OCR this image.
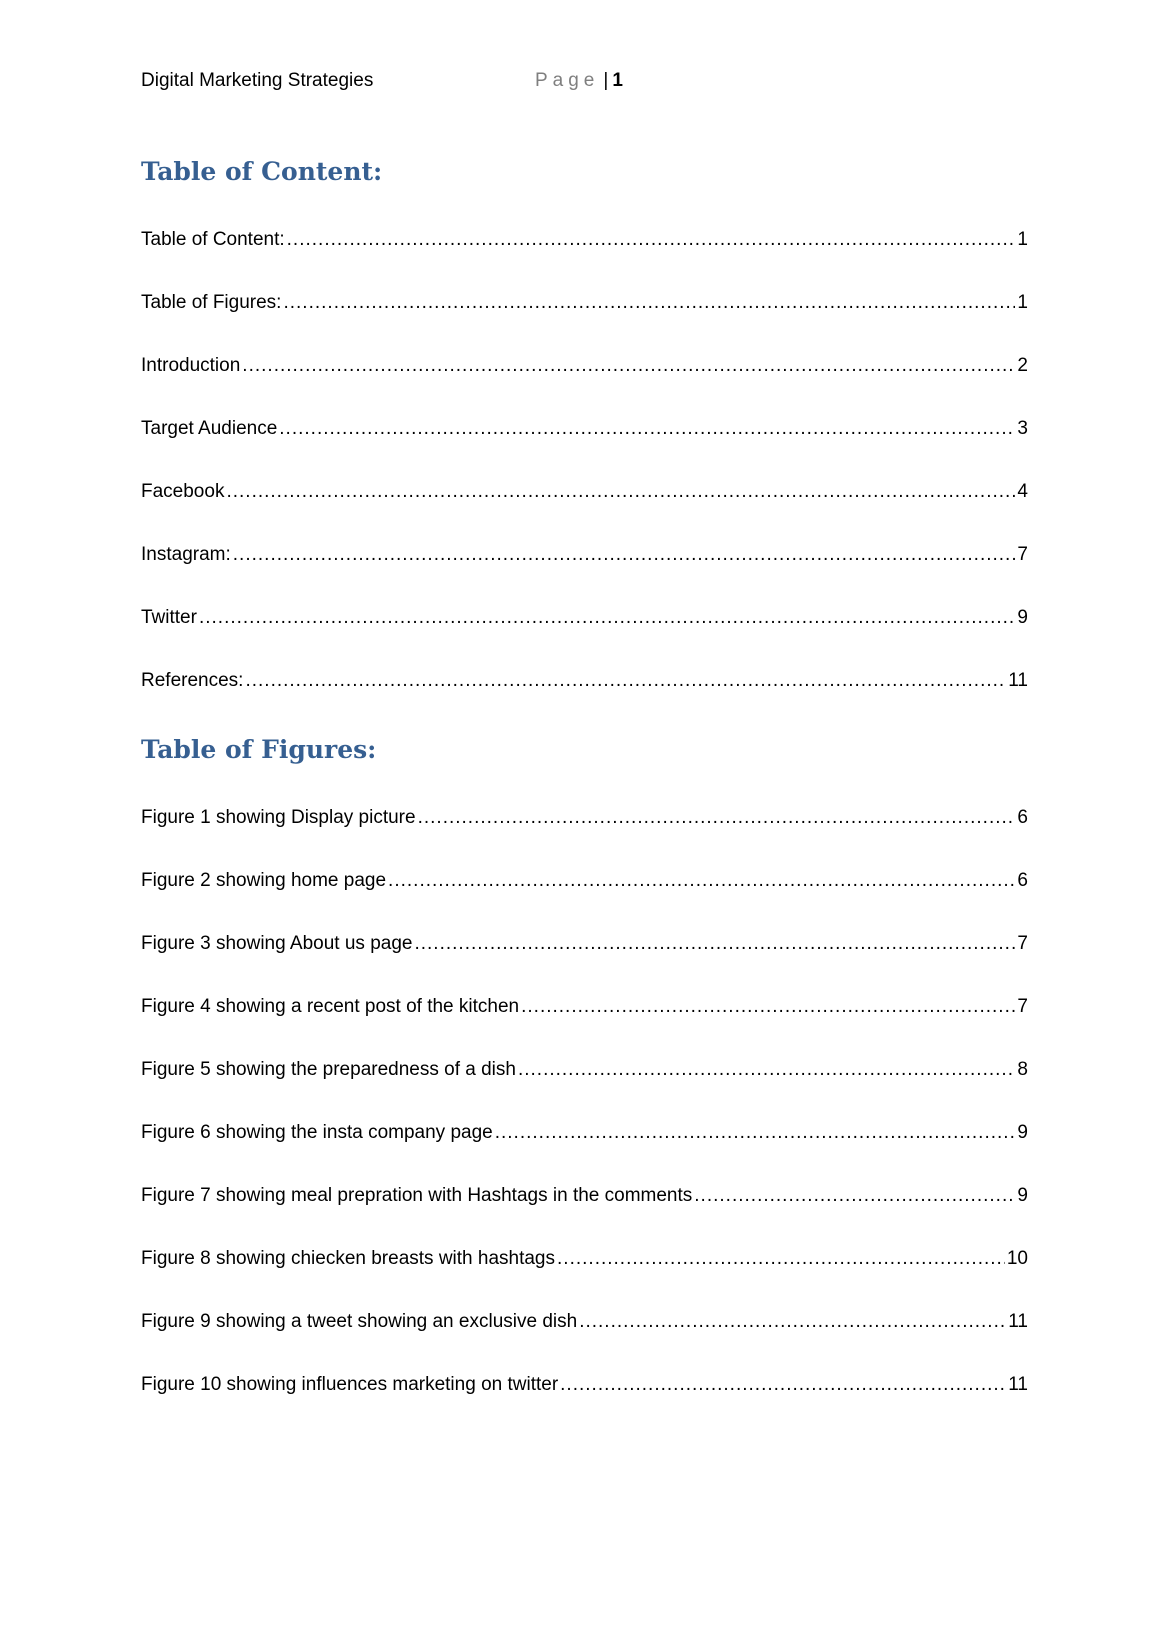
Digital Marketing Strategies	Page | 1
Table of Content:
Table of Content: .....	1
Table of Figures: .....	1
Introduction .....	2
Target Audience .....	3
Facebook .....	4
Instagram: .....	7
Twitter .....	9
References: .....	11
Table of Figures:
Figure 1 showing Display picture .....	6
Figure 2 showing home page .....	6
Figure 3 showing About us page .....	7
Figure 4 showing a recent post of the kitchen .....	7
Figure 5 showing the preparedness of a dish .....	8
Figure 6 showing the insta company page .....	9
Figure 7 showing meal prepration with Hashtags in the comments .....	9
Figure 8 showing chiecken breasts with hashtags .....	10
Figure 9 showing a tweet showing an exclusive dish .....	11
Figure 10 showing influences marketing on twitter .....	11
